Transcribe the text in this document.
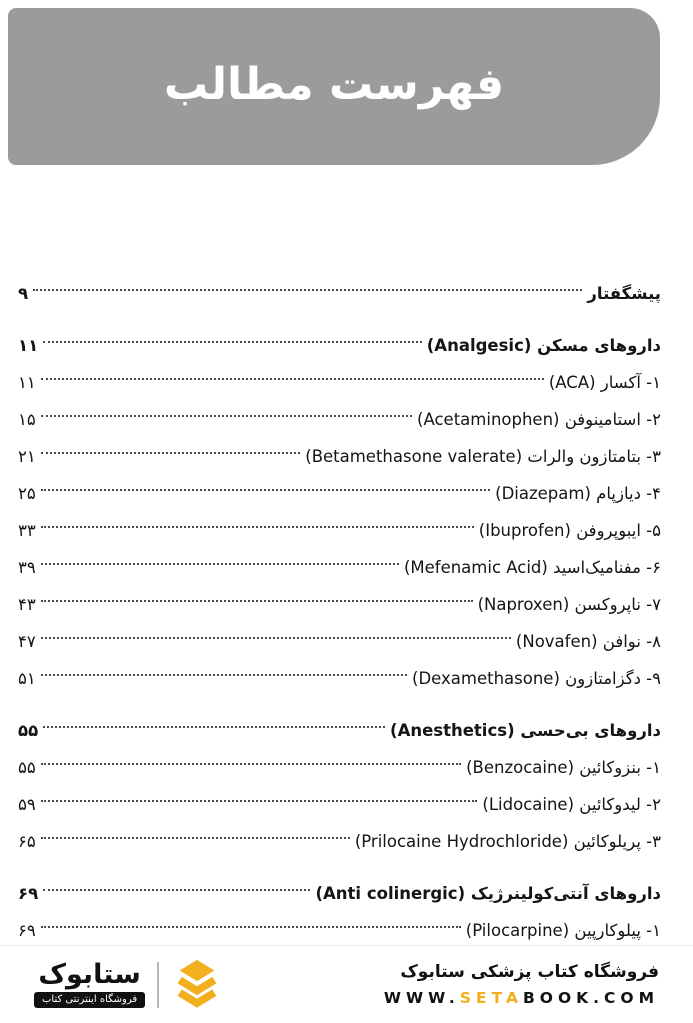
فهرست مطالب
پیشگفتار
۹
داروهای مسکن (Analgesic)
۱۱
۱- آکسار (ACA)
۱۱
۲- استامینوفن (Acetaminophen)
۱۵
۳- بتامتازون والرات (Betamethasone valerate)
۲۱
۴- دیازپام (Diazepam)
۲۵
۵- ایبوپروفن (Ibuprofen)
۳۳
۶- مفنامیک‌اسید (Mefenamic Acid)
۳۹
۷- ناپروکسن (Naproxen)
۴۳
۸- نوافن (Novafen)
۴۷
۹- دگزامتازون (Dexamethasone)
۵۱
داروهای بی‌حسی (Anesthetics)
۵۵
۱- بنزوکائین (Benzocaine)
۵۵
۲- لیدوکائین (Lidocaine)
۵۹
۳- پریلوکائین (Prilocaine Hydrochloride)
۶۵
داروهای آنتی‌کولینرژیک (Anti colinergic)
۶۹
۱- پیلوکارپین (Pilocarpine)
۶۹
ستابوک
فروشگاه اینترنتی کتاب
فروشگاه کتاب پزشکی ستابوک
WWW.SETABOOK.COM
